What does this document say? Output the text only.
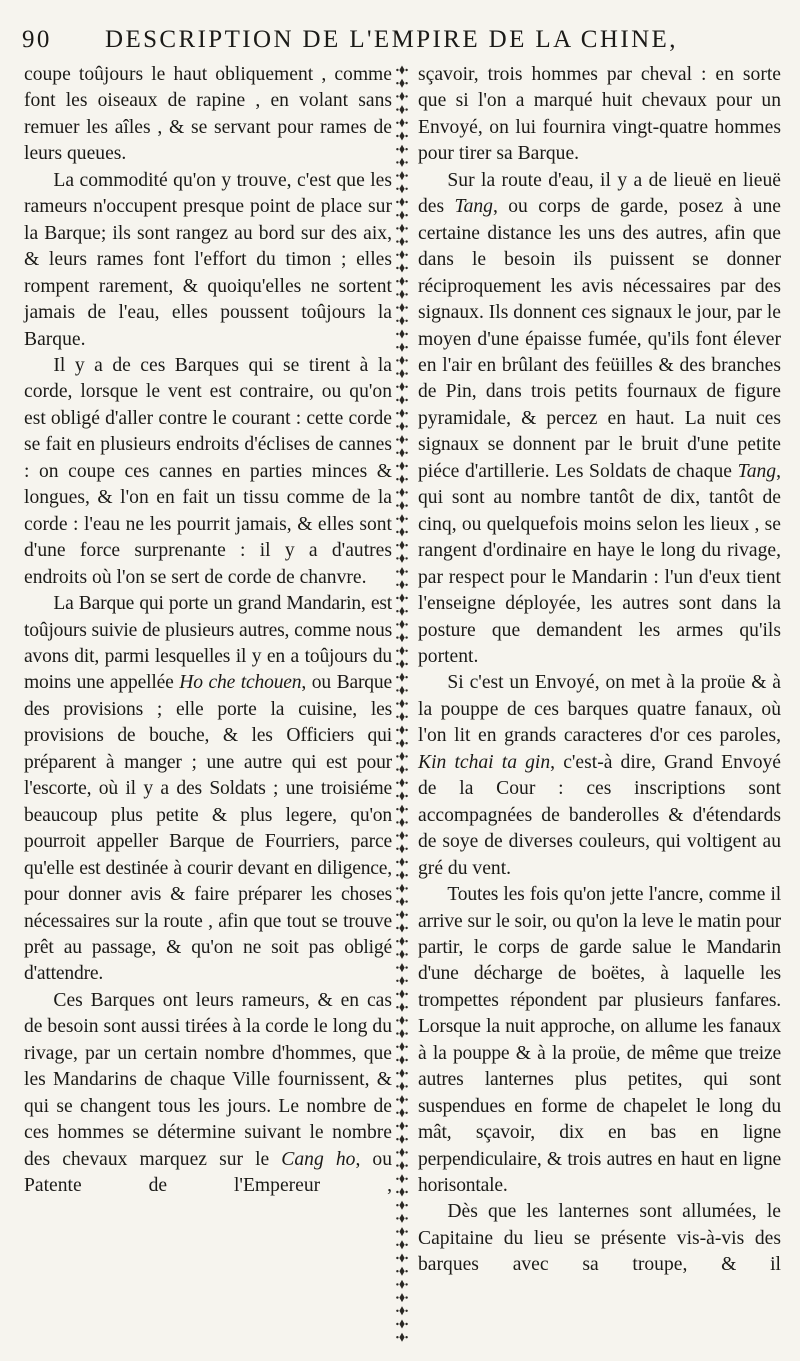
90 DESCRIPTION DE L'EMPIRE DE LA CHINE,

coupe toûjours le haut obliquement , comme font les oiseaux de rapine , en volant sans remuer les aîles , & se servant pour rames de leurs queues.

La commodité qu'on y trouve, c'est que les rameurs n'occupent presque point de place sur la Barque; ils sont rangez au bord sur des aix, & leurs rames font l'effort du timon ; elles rompent rarement, & quoiqu'elles ne sortent jamais de l'eau, elles poussent toûjours la Barque.

Il y a de ces Barques qui se tirent à la corde, lorsque le vent est contraire, ou qu'on est obligé d'aller contre le courant : cette corde se fait en plusieurs endroits d'éclises de cannes : on coupe ces cannes en parties minces & longues, & l'on en fait un tissu comme de la corde : l'eau ne les pourrit jamais, & elles sont d'une force surprenante : il y a d'autres endroits où l'on se sert de corde de chanvre.

La Barque qui porte un grand Mandarin, est toûjours suivie de plusieurs autres, comme nous avons dit, parmi lesquelles il y en a toûjours du moins une appellée Ho che tchouen, ou Barque des provisions ; elle porte la cuisine, les provisions de bouche, & les Officiers qui préparent à manger ; une autre qui est pour l'escorte, où il y a des Soldats ; une troisiéme beaucoup plus petite & plus legere, qu'on pourroit appeller Barque de Fourriers, parce qu'elle est destinée à courir devant en diligence, pour donner avis & faire préparer les choses nécessaires sur la route , afin que tout se trouve prêt au passage, & qu'on ne soit pas obligé d'attendre.

Ces Barques ont leurs rameurs, & en cas de besoin sont aussi tirées à la corde le long du rivage, par un certain nombre d'hommes, que les Mandarins de chaque Ville fournissent, & qui se changent tous les jours. Le nombre de ces hommes se détermine suivant le nombre des chevaux marquez sur le Cang ho, ou Patente de l'Empereur ,

sçavoir, trois hommes par cheval : en sorte que si l'on a marqué huit chevaux pour un Envoyé, on lui fournira vingt-quatre hommes pour tirer sa Barque.

Sur la route d'eau, il y a de lieuë en lieuë des Tang, ou corps de garde, posez à une certaine distance les uns des autres, afin que dans le besoin ils puissent se donner réciproquement les avis nécessaires par des signaux. Ils donnent ces signaux le jour, par le moyen d'une épaisse fumée, qu'ils font élever en l'air en brûlant des feüilles & des branches de Pin, dans trois petits fournaux de figure pyramidale, & percez en haut. La nuit ces signaux se donnent par le bruit d'une petite piéce d'artillerie. Les Soldats de chaque Tang, qui sont au nombre tantôt de dix, tantôt de cinq, ou quelquefois moins selon les lieux , se rangent d'ordinaire en haye le long du rivage, par respect pour le Mandarin : l'un d'eux tient l'enseigne déployée, les autres sont dans la posture que demandent les armes qu'ils portent.

Si c'est un Envoyé, on met à la proüe & à la pouppe de ces barques quatre fanaux, où l'on lit en grands caracteres d'or ces paroles, Kin tchai ta gin, c'est-à dire, Grand Envoyé de la Cour : ces inscriptions sont accompagnées de banderolles & d'étendards de soye de diverses couleurs, qui voltigent au gré du vent.

Toutes les fois qu'on jette l'ancre, comme il arrive sur le soir, ou qu'on la leve le matin pour partir, le corps de garde salue le Mandarin d'une décharge de boëtes, à laquelle les trompettes répondent par plusieurs fanfares. Lorsque la nuit approche, on allume les fanaux à la pouppe & à la proüe, de même que treize autres lanternes plus petites, qui sont suspendues en forme de chapelet le long du mât, sçavoir, dix en bas en ligne perpendiculaire, & trois autres en haut en ligne horisontale.

Dès que les lanternes sont allumées, le Capitaine du lieu se présente vis-à-vis des barques avec sa troupe, & il
